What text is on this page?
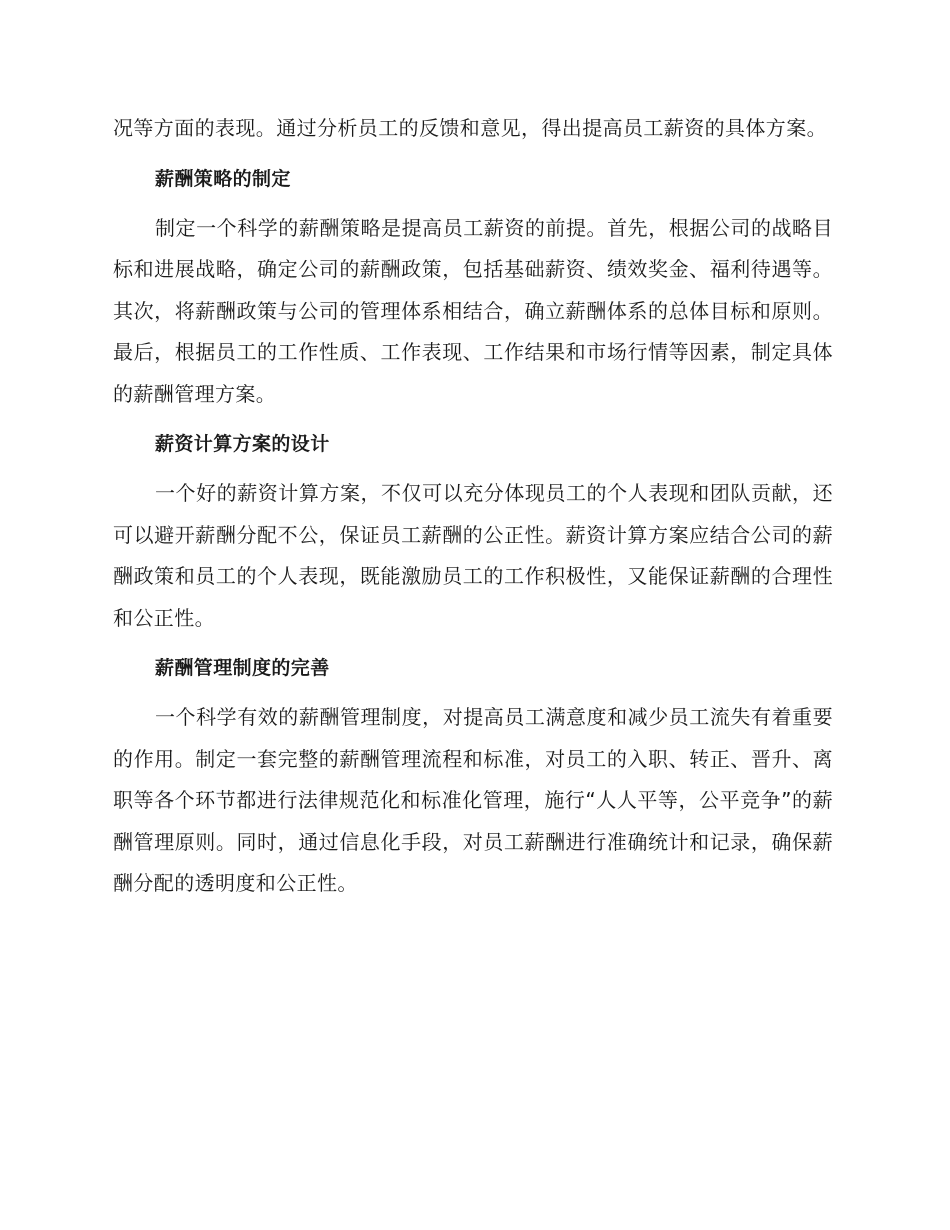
况等方面的表现。通过分析员工的反馈和意见，得出提高员工薪资的具体方案。

薪酬策略的制定

制定一个科学的薪酬策略是提高员工薪资的前提。首先，根据公司的战略目标和进展战略，确定公司的薪酬政策，包括基础薪资、绩效奖金、福利待遇等。其次，将薪酬政策与公司的管理体系相结合，确立薪酬体系的总体目标和原则。最后，根据员工的工作性质、工作表现、工作结果和市场行情等因素，制定具体的薪酬管理方案。

薪资计算方案的设计

一个好的薪资计算方案，不仅可以充分体现员工的个人表现和团队贡献，还可以避开薪酬分配不公，保证员工薪酬的公正性。薪资计算方案应结合公司的薪酬政策和员工的个人表现，既能激励员工的工作积极性，又能保证薪酬的合理性和公正性。

薪酬管理制度的完善

一个科学有效的薪酬管理制度，对提高员工满意度和减少员工流失有着重要的作用。制定一套完整的薪酬管理流程和标准，对员工的入职、转正、晋升、离职等各个环节都进行法律规范化和标准化管理，施行“人人平等，公平竞争”的薪酬管理原则。同时，通过信息化手段，对员工薪酬进行准确统计和记录，确保薪酬分配的透明度和公正性。
